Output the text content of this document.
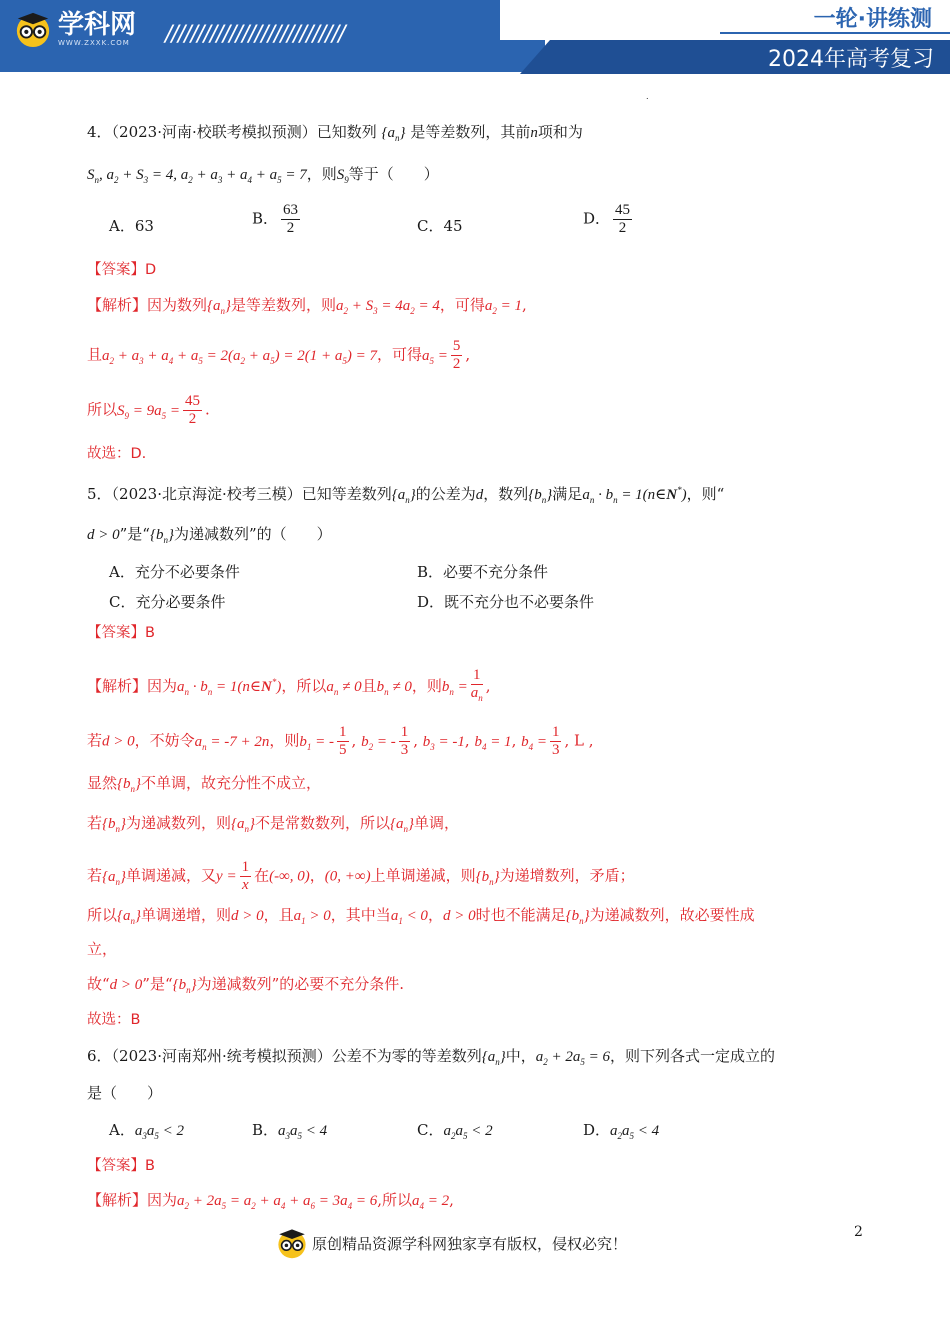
学科网
WWW.ZXXK.COM ////////////////////////////
一轮·讲练测
2024年高考复习
.
4．（2023·河南·校联考模拟预测）已知数列 $\{a_n\}$ 是等差数列，其前n项和为
$S_n$, $a_2 + S_3 = 4$, $a_2 + a_3 + a_4 + a_5 = 7$，则$S_9$等于（　　）
A．63	B． $\frac{63}{2}$	C．45	D． $\frac{45}{2}$
【答案】D
【解析】因为数列$\{a_n\}$是等差数列，则$a_2 + S_3 = 4a_2 = 4$，可得$a_2 = 1$,
且$a_2 + a_3 + a_4 + a_5 = 2(a_2 + a_5) = 2(1 + a_5) = 7$，可得$a_5 = \frac{5}{2}$ ,
所以$S_9 = 9a_5 = \frac{45}{2}$ .
故选：D.
5．（2023·北京海淀·校考三模）已知等差数列$\{a_n\}$的公差为d，数列$\{b_n\}$满足$a_n \cdot b_n$ = 1(n∈N*)，则“
d > 0”是“$\{b_n\}$为递减数列”的（　　）
A．充分不必要条件	B．必要不充分条件
C．充分必要条件	D．既不充分也不必要条件
【答案】B
【解析】因为$a_n \cdot b_n$ = 1(n∈N*)，所以$a_n \ne 0$且$b_n \ne 0$，则$b_n = \frac{1}{a_n}$ ,
若d > 0，不妨令$a_n = -7 + 2n$，则$b_1$ = - $\frac{1}{5}$ , $b_2$ = - $\frac{1}{3}$ , $b_3 = -1$, $b_4 = 1$, $b_4 = \frac{1}{3}$ , L ,
显然$\{b_n\}$不单调，故充分性不成立，
若$\{b_n\}$为递减数列，则$\{a_n\}$不是常数数列，所以$\{a_n\}$单调，
若$\{a_n\}$单调递减，又$y = \frac{1}{x}$ 在(-∞, 0)，(0, +∞)上单调递减，则$\{b_n\}$为递增数列，矛盾；
所以$\{a_n\}$单调递增，则d > 0，且$a_1 > 0$，其中当$a_1 < 0$，d > 0时也不能满足$\{b_n\}$为递减数列，故必要性成
立，
故“d > 0”是“$\{b_n\}$为递减数列”的必要不充分条件.
故选：B
6．（2023·河南郑州·统考模拟预测）公差不为零的等差数列$\{a_n\}$中，$a_2 + 2a_5 = 6$，则下列各式一定成立的
是（　　）
A．$a_3a_5 < 2$	B．$a_3a_5 < 4$	C．$a_2a_5 < 2$	D．$a_2a_5 < 4$
【答案】B
【解析】因为$a_2 + 2a_5 = a_2 + a_4 + a_6 = 3a_4 = 6$,所以$a_4 = 2$,
原创精品资源学科网独家享有版权，侵权必究！
2
